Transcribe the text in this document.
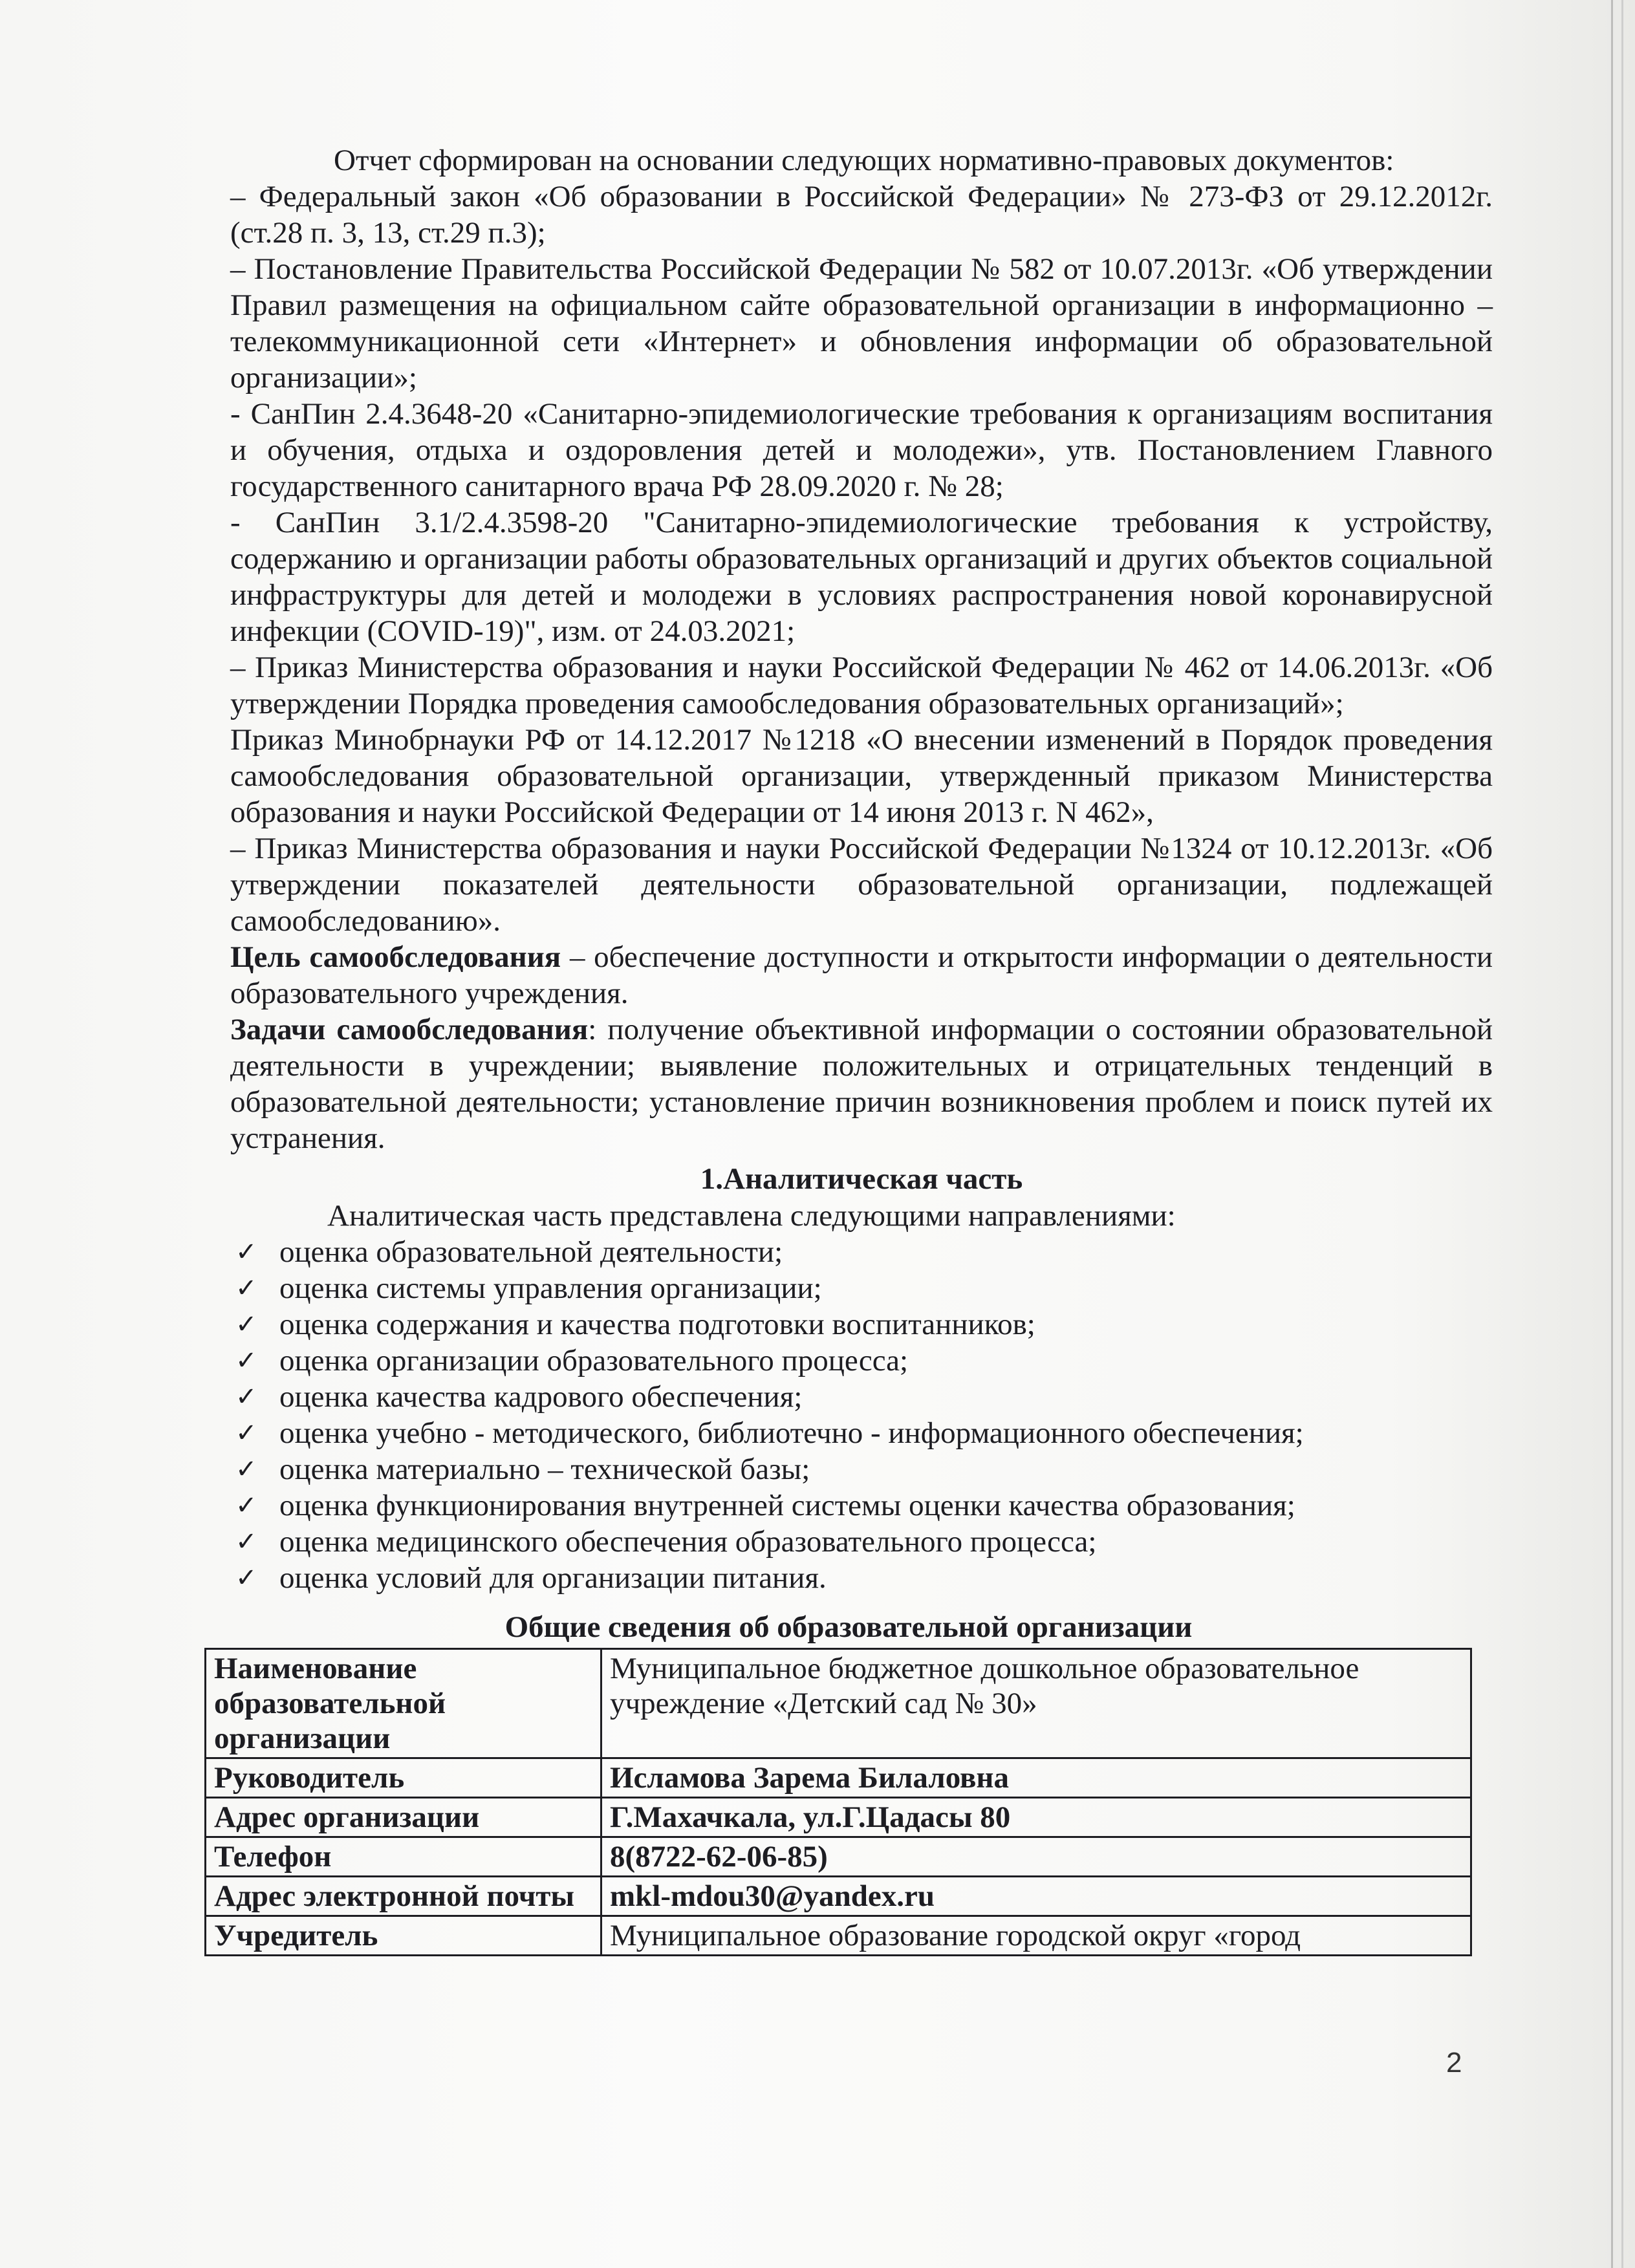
Отчет сформирован на основании следующих нормативно-правовых документов:

– Федеральный закон «Об образовании в Российской Федерации» № 273-ФЗ от 29.12.2012г. (ст.28 п. 3, 13, ст.29 п.3);

– Постановление Правительства Российской Федерации № 582 от 10.07.2013г. «Об утверждении Правил размещения на официальном сайте образовательной организации в информационно – телекоммуникационной сети «Интернет» и обновления информации об образовательной организации»;

- СанПин 2.4.3648-20 «Санитарно-эпидемиологические требования к организациям воспитания и обучения, отдыха и оздоровления детей и молодежи», утв. Постановлением Главного государственного санитарного врача РФ 28.09.2020 г. № 28;

- СанПин 3.1/2.4.3598-20 "Санитарно-эпидемиологические требования к устройству, содержанию и организации работы образовательных организаций и других объектов социальной инфраструктуры для детей и молодежи в условиях распространения новой коронавирусной инфекции (COVID-19)", изм. от 24.03.2021;

– Приказ Министерства образования и науки Российской Федерации № 462 от 14.06.2013г. «Об утверждении Порядка проведения самообследования образовательных организаций»;

Приказ Минобрнауки РФ от 14.12.2017 №1218 «О внесении изменений в Порядок проведения самообследования образовательной организации, утвержденный приказом Министерства образования и науки Российской Федерации от 14 июня 2013 г. N 462»,

– Приказ Министерства образования и науки Российской Федерации №1324 от 10.12.2013г. «Об утверждении показателей деятельности образовательной организации, подлежащей самообследованию».

Цель самообследования – обеспечение доступности и открытости информации о деятельности образовательного учреждения.

Задачи самообследования: получение объективной информации о состоянии образовательной деятельности в учреждении; выявление положительных и отрицательных тенденций в образовательной деятельности; установление причин возникновения проблем и поиск путей их устранения.

1.Аналитическая часть

Аналитическая часть представлена следующими направлениями:

✓ оценка образовательной деятельности;
✓ оценка системы управления организации;
✓ оценка содержания и качества подготовки воспитанников;
✓ оценка организации образовательного процесса;
✓ оценка качества кадрового обеспечения;
✓ оценка учебно - методического, библиотечно - информационного обеспечения;
✓ оценка материально – технической базы;
✓ оценка функционирования внутренней системы оценки качества образования;
✓ оценка медицинского обеспечения образовательного процесса;
✓ оценка условий для организации питания.
Общие сведения об образовательной организации
Наименование образовательной организации	Муниципальное бюджетное дошкольное образовательное учреждение «Детский сад № 30»
Руководитель	Исламова Зарема Билаловна
Адрес организации	Г.Махачкала, ул.Г.Цадасы 80
Телефон	8(8722-62-06-85)
Адрес электронной почты	mkl-mdou30@yandex.ru
Учредитель	Муниципальное образование городской округ «город
2
